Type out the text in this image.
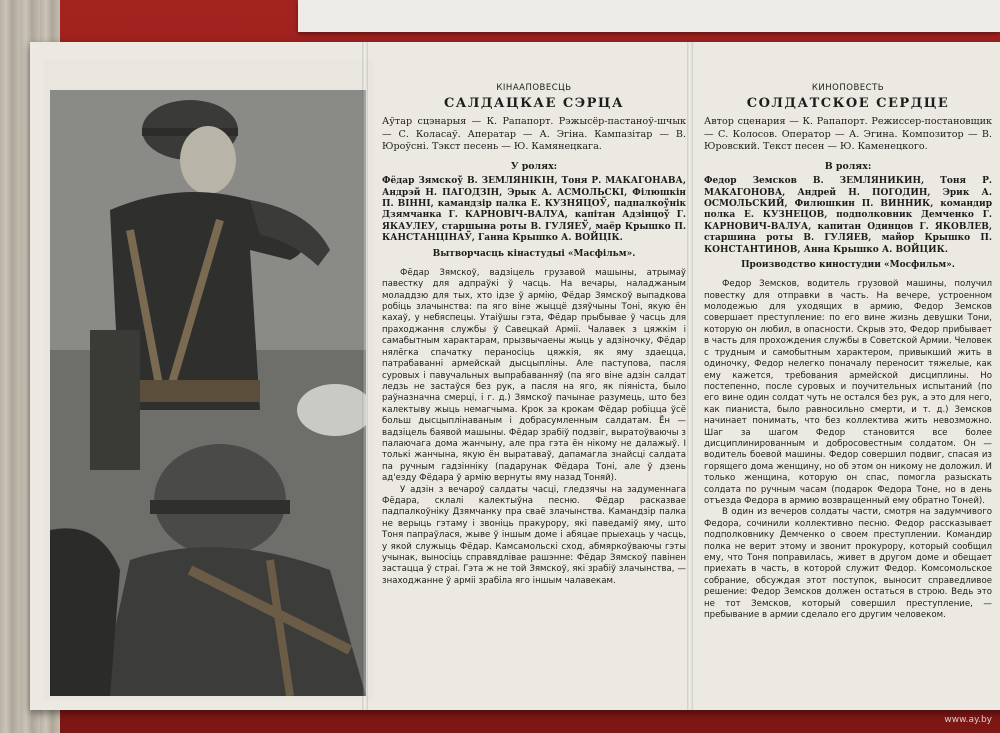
КІНААПОВЕСЦЬ
САЛДАЦКАЕ СЭРЦА
Аўтар сцэнарыя — К. Рапапорт. Рэжысёр-пастаноў-шчык — С. Коласаў. Аператар — А. Эгіна. Кампазітар — В. Юроўсні. Тэкст песень — Ю. Камянецкага.
У ролях:
Фёдар Зямскоў В. ЗЕМЛЯНІКІН, Тоня Р. МАКАГОНАВА, Андрэй Н. ПАГОДЗІН, Эрык А. АСМОЛЬСКІ, Філюшкін П. ВІННІ, камандзір палка Е. КУЗНЯЦОЎ, падпалкоўнік Дзямчанка Г. КАРНОВІЧ-ВАЛУА, капітан Адзінцоў Г. ЯКАУЛЕУ, старшына роты В. ГУЛЯЕЎ, маёр Крышко П. КАНСТАНЦІНАЎ, Ганна Крышко А. ВОЙЦІК.
Вытворчасць кінастудыі «Масфільм».

Фёдар Зямскоў, вадзіцель грузавой машыны, атрымаў павестку для адпраўкі ў часць. На вечары, наладжаным моладдзю для тых, хто ідзе ў армію, Фёдар Зямскоў выпадкова робіць злачынства: па яго віне жыццё дзяўчыны Тоні, якую ён кахаў, у небяспецы. Утаіўшы гэта, Фёдар прыбывае ў часць для праходжання службы ў Савецкай Арміі. Чалавек з цяжкім і самабытным характарам, прызвычаены жыць у адзіночку, Фёдар нялёгка спачатку пераносіць цяжкія, як яму здаецца, патрабаванні армейскай дысцыпліны. Але паступова, пасля суровых і павучальных выпрабаванняў (па яго віне адзін салдат ледзь не застаўся без рук, а пасля на яго, як піяніста, было раўназначна смерці, і г. д.) Зямскоў пачынае разумець, што без калектыву жыць немагчыма. Крок за крокам Фёдар робіцца ўсё больш дысцыплінаваным і добрасумленным салдатам. Ён — вадзіцель баявой машыны. Фёдар зрабіў подзвіг, выратоўваючы з палаючага дома жанчыну, але пра гэта ён нікому не далажыў. І толькі жанчына, якую ён выратаваў, дапамагла знайсці салдата па ручным гадзінніку (падарунак Фёдара Тоні, але ў дзень ад'езду Фёдара ў армію вернуты яму назад Тоняй).

У адзін з вечароў салдаты часці, гледзячы на задуменнага Фёдара, склалі калектыўна песню. Фёдар расказвае падпалкоўніку Дзямчанку пра сваё злачынства. Камандзір палка не верыць гэтаму і звоніць пракурору, які паведаміў яму, што Тоня папраўлася, жыве ў іншым доме і абяцае прыехаць у часць, у якой служыць Фёдар. Камсамольскі сход, абмяркоўваючы гэты учынак, выносіць справядлівае рашэнне: Фёдар Зямскоў павінен застацца ў страі. Гэта ж не той Зямскоў, які зрабіў злачынства, — знаходжанне ў арміі зрабіла яго іншым чалавекам.

КИНОПОВЕСТЬ
СОЛДАТСКОЕ СЕРДЦЕ
Автор сценария — К. Рапапорт. Режиссер-постановщик — С. Колосов. Оператор — А. Эгина. Композитор — В. Юровский. Текст песен — Ю. Каменецкого.
В ролях:
Федор Земсков В. ЗЕМЛЯНИКИН, Тоня Р. МАКАГОНОВА, Андрей Н. ПОГОДИН, Эрик А. ОСМОЛЬСКИЙ, Филюшкин П. ВИННИК, командир полка Е. КУЗНЕЦОВ, подполковник Демченко Г. КАРНОВИЧ-ВАЛУА, капитан Одинцов Г. ЯКОВЛЕВ, старшина роты В. ГУЛЯЕВ, майор Крышко П. КОНСТАНТИНОВ, Анна Крышко А. ВОЙЦИК.
Производство киностудии «Мосфильм».

Федор Земсков, водитель грузовой машины, получил повестку для отправки в часть. На вечере, устроенном молодежью для уходящих в армию, Федор Земсков совершает преступление: по его вине жизнь девушки Тони, которую он любил, в опасности. Скрыв это, Федор прибывает в часть для прохождения службы в Советской Армии. Человек с трудным и самобытным характером, привыкший жить в одиночку, Федор нелегко поначалу переносит тяжелые, как ему кажется, требования армейской дисциплины. Но постепенно, после суровых и поучительных испытаний (по его вине один солдат чуть не остался без рук, а это для него, как пианиста, было равносильно смерти, и т. д.) Земсков начинает понимать, что без коллектива жить невозможно. Шаг за шагом Федор становится все более дисциплинированным и добросовестным солдатом. Он — водитель боевой машины. Федор совершил подвиг, спасая из горящего дома женщину, но об этом он никому не доложил. И только женщина, которую он спас, помогла разыскать солдата по ручным часам (подарок Федора Тоне, но в день отъезда Федора в армию возвращенный ему обратно Тоней).

В один из вечеров солдаты части, смотря на задумчивого Федора, сочинили коллективно песню. Федор рассказывает подполковнику Демченко о своем преступлении. Командир полка не верит этому и звонит прокурору, который сообщил ему, что Тоня поправилась, живет в другом доме и обещает приехать в часть, в которой служит Федор. Комсомольское собрание, обсуждая этот поступок, выносит справедливое решение: Федор Земсков должен остаться в строю. Ведь это не тот Земсков, который совершил преступление, — пребывание в армии сделало его другим человеком.

www.ay.by
